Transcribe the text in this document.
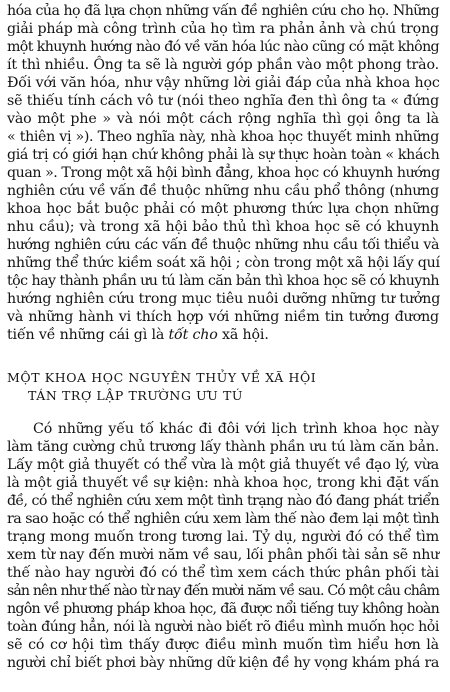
hóa của họ đã lựa chọn những vấn đề nghiên cứu cho họ. Những

giải pháp mà công trình của họ tìm ra phản ảnh và chú trọng

một khuynh hướng nào đó về văn hóa lúc nào cũng có mặt không

ít thì nhiều. Ông ta sẽ là người góp phần vào một phong trào.

Đối với văn hóa, như vậy những lời giải đáp của nhà khoa học

sẽ thiếu tính cách vô tư (nói theo nghĩa đen thì ông ta « đứng

vào một phe » và nói một cách rộng nghĩa thì gọi ông ta là

« thiên vị »). Theo nghĩa này, nhà khoa học thuyết minh những

giá trị có giới hạn chứ không phải là sự thực hoàn toàn « khách

quan ». Trong một xã hội bình đẳng, khoa học có khuynh hướng

nghiên cứu về vấn đề thuộc những nhu cầu phổ thông (nhưng

khoa học bắt buộc phải có một phương thức lựa chọn những

nhu cầu); và trong xã hội bảo thủ thì khoa học sẽ có khuynh

hướng nghiên cứu các vấn đề thuộc những nhu cầu tối thiểu và

những thể thức kiềm soát xã hội ; còn trong một xã hội lấy quí

tộc hay thành phần ưu tú làm căn bản thì khoa học sẽ có khuynh

hướng nghiên cứu trong mục tiêu nuôi dưỡng những tư tưởng

và những hành vi thích hợp với những niềm tin tưởng đương

tiến về những cái gì là tốt cho xã hội.

MỘT KHOA HỌC NGUYÊN THỦY VỀ XÃ HỘI

TÁN TRỢ LẬP TRƯỜNG ƯU TÚ

Có những yếu tố khác đi đôi với lịch trình khoa học này

làm tăng cường chủ trương lấy thành phần ưu tú làm căn bản.

Lấy một giả thuyết có thể vừa là một giả thuyết về đạo lý, vừa

là một giả thuyết về sự kiện: nhà khoa học, trong khi đặt vấn

đề, có thể nghiên cứu xem một tình trạng nào đó đang phát triển

ra sao hoặc có thể nghiên cứu xem làm thế nào đem lại một tình

trạng mong muốn trong tương lai. Tỷ dụ, người đó có thể tìm

xem từ nay đến mười năm về sau, lối phân phối tài sản sẽ như

thế nào hay người đó có thể tìm xem cách thức phân phối tài

sản nên như thế nào từ nay đến mười năm về sau. Có một câu châm

ngôn về phương pháp khoa học, đã được nổi tiếng tuy không hoàn

toàn đúng hẳn, nói là người nào biết rõ điều mình muốn học hỏi

sẽ có cơ hội tìm thấy được điều mình muốn tìm hiểu hơn là

người chỉ biết phơi bày những dữ kiện đề hy vọng khám phá ra
